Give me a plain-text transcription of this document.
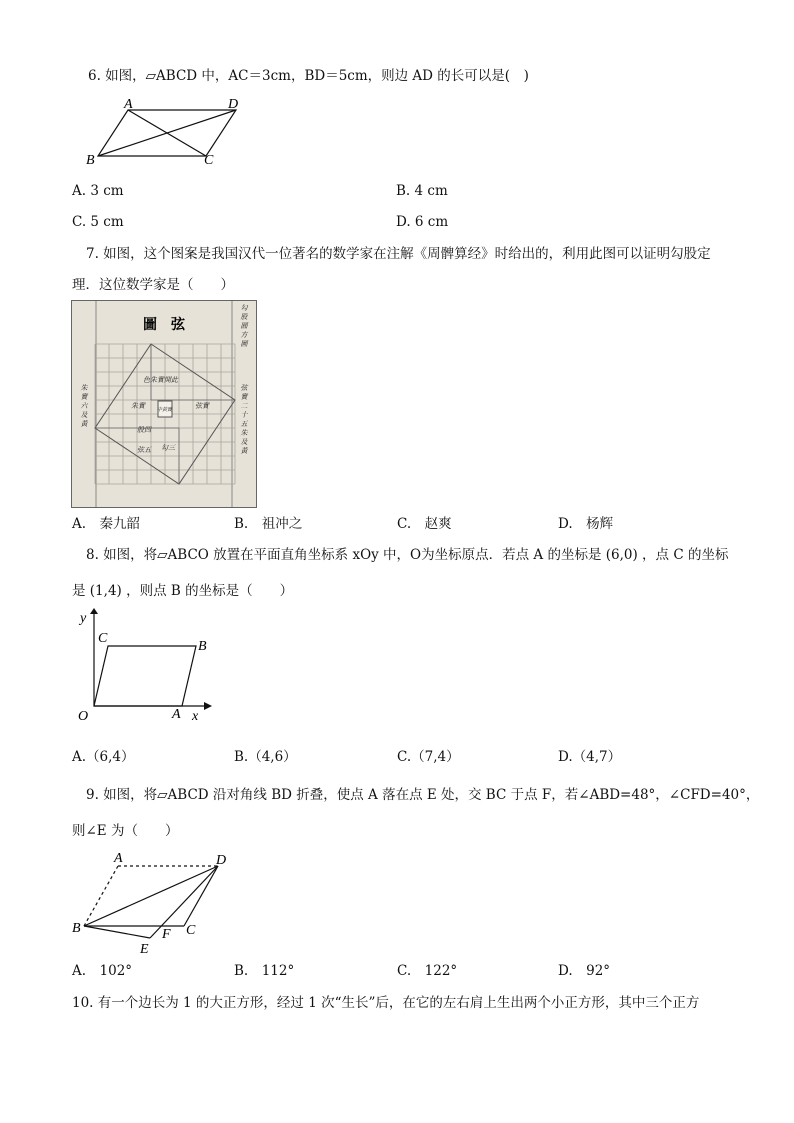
6. 如图，▱ABCD 中，AC＝3cm，BD＝5cm，则边 AD 的长可以是(　)
A	D
B	C
A. 3 cm	B. 4 cm
C. 5 cm	D. 6 cm
7. 如图，这个图案是我国汉代一位著名的数学家在注解《周髀算经》时给出的，利用此图可以证明勾股定
理．这位数学家是（　　）
圖　弦
勾股圓方圖
朱實六及黃
弦實二十五朱及黃
朱實
色朱實開此
弦實
中黃實
股四
弦五 勾三
A.　秦九韶	B.　祖冲之	C.　赵爽	D.　杨辉
8. 如图，将▱ABCO 放置在平面直角坐标系 xOy 中，O为坐标原点．若点 A 的坐标是 (6,0) ，点 C 的坐标
是 (1,4) ，则点 B 的坐标是（　　）
y
x
O	A
B
C
A.（6,4）	B.（4,6）	C.（7,4）	D.（4,7）
9. 如图，将▱ABCD 沿对角线 BD 折叠，使点 A 落在点 E 处，交 BC 于点 F，若∠ABD=48°，∠CFD=40°，
则∠E 为（　　）
A	D
B	C
E
F
A.　102°	B.　112°	C.　122°	D.　92°
10. 有一个边长为 1 的大正方形，经过 1 次“生长”后，在它的左右肩上生出两个小正方形，其中三个正方
